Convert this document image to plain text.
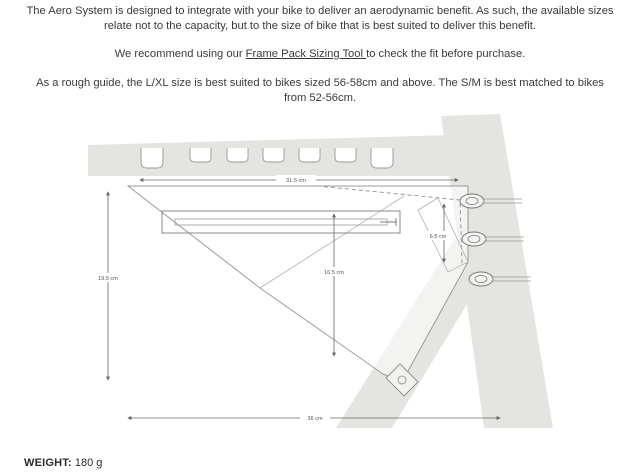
The Aero System is designed to integrate with your bike to deliver an aerodynamic benefit. As such, the available sizes relate not to the capacity, but to the size of bike that is best suited to deliver this benefit.

We recommend using our Frame Pack Sizing Tool to check the fit before purchase.

As a rough guide, the L/XL size is best suited to bikes sized 56-58cm and above. The S/M is best matched to bikes from 52-56cm.

31.5 cm
6.5 cm
16.5 cm
19.5 cm
36 cm
WEIGHT: 180 g
